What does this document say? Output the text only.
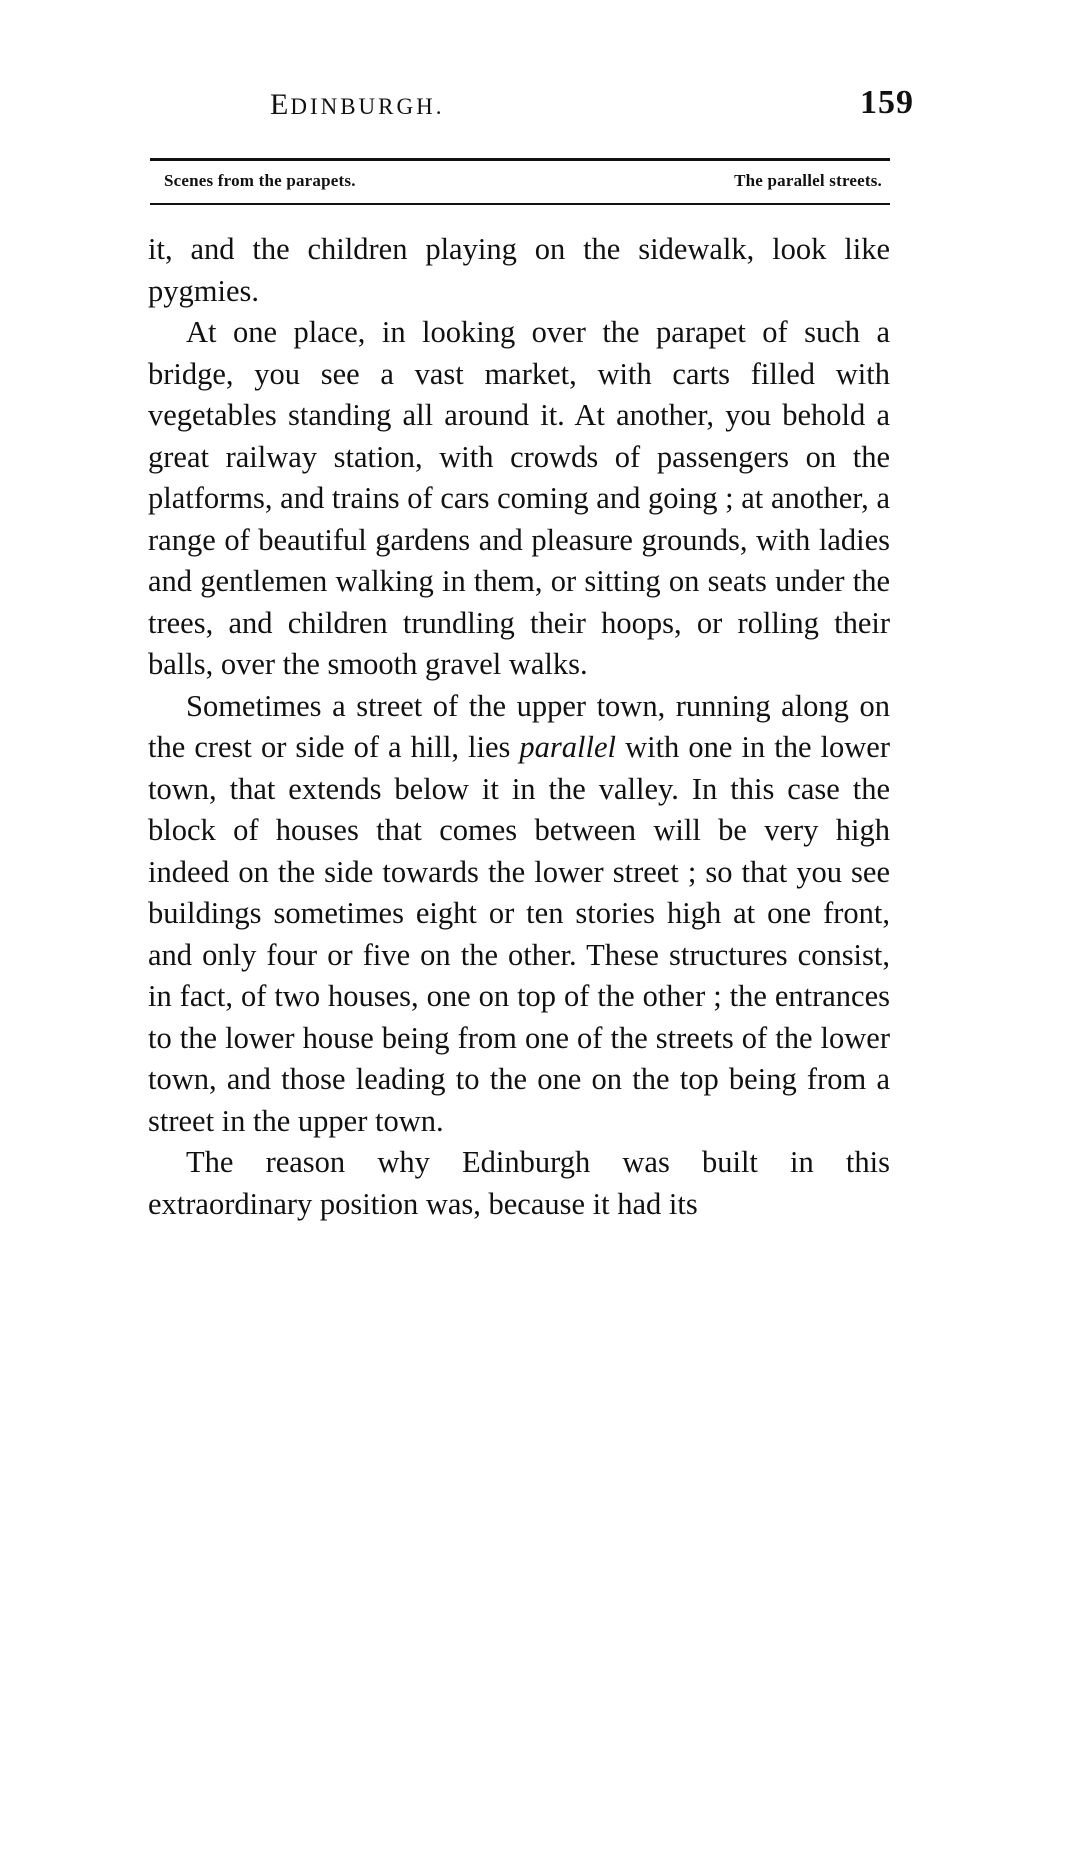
EDINBURGH.	159
Scenes from the parapets.	The parallel streets.

it, and the children playing on the sidewalk, look like pygmies.

At one place, in looking over the parapet of such a bridge, you see a vast market, with carts filled with vegetables standing all around it. At another, you behold a great railway station, with crowds of passengers on the platforms, and trains of cars coming and going ; at another, a range of beautiful gardens and pleasure grounds, with ladies and gentlemen walking in them, or sitting on seats under the trees, and children trundling their hoops, or rolling their balls, over the smooth gravel walks.

Sometimes a street of the upper town, running along on the crest or side of a hill, lies parallel with one in the lower town, that extends below it in the valley. In this case the block of houses that comes between will be very high indeed on the side towards the lower street ; so that you see buildings sometimes eight or ten stories high at one front, and only four or five on the other. These structures consist, in fact, of two houses, one on top of the other ; the entrances to the lower house being from one of the streets of the lower town, and those leading to the one on the top being from a street in the upper town.

The reason why Edinburgh was built in this extraordinary position was, because it had its
